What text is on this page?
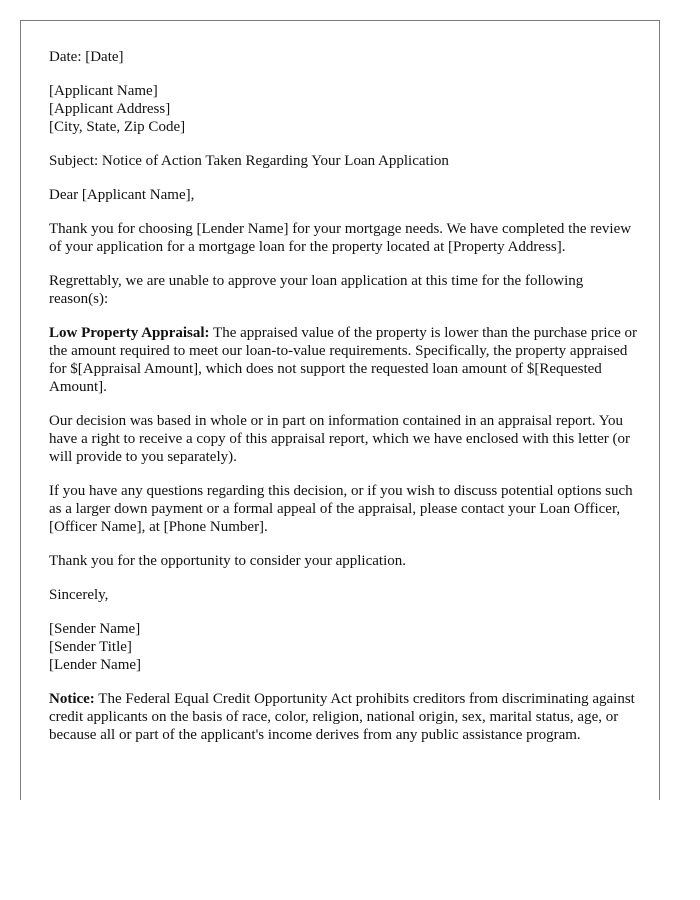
Date: [Date]

[Applicant Name]
[Applicant Address]
[City, State, Zip Code]

Subject: Notice of Action Taken Regarding Your Loan Application

Dear [Applicant Name],

Thank you for choosing [Lender Name] for your mortgage needs. We have completed the review of your application for a mortgage loan for the property located at [Property Address].

Regrettably, we are unable to approve your loan application at this time for the following reason(s):

Low Property Appraisal: The appraised value of the property is lower than the purchase price or the amount required to meet our loan-to-value requirements. Specifically, the property appraised for $[Appraisal Amount], which does not support the requested loan amount of $[Requested Amount].

Our decision was based in whole or in part on information contained in an appraisal report. You have a right to receive a copy of this appraisal report, which we have enclosed with this letter (or will provide to you separately).

If you have any questions regarding this decision, or if you wish to discuss potential options such as a larger down payment or a formal appeal of the appraisal, please contact your Loan Officer, [Officer Name], at [Phone Number].

Thank you for the opportunity to consider your application.

Sincerely,

[Sender Name]
[Sender Title]
[Lender Name]

Notice: The Federal Equal Credit Opportunity Act prohibits creditors from discriminating against credit applicants on the basis of race, color, religion, national origin, sex, marital status, age, or because all or part of the applicant's income derives from any public assistance program.
